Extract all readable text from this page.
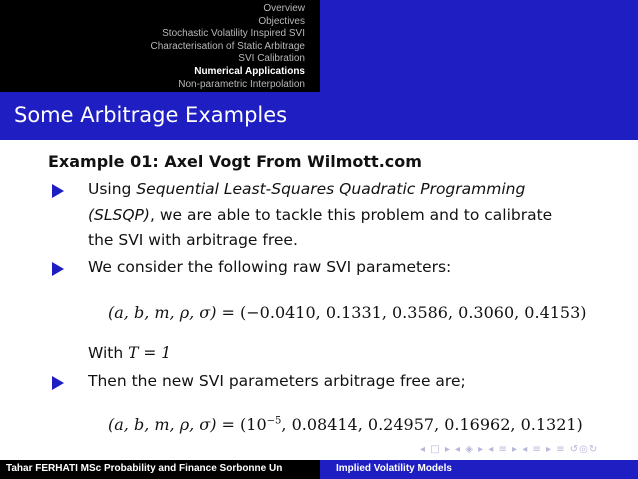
Overview
Objectives
Stochastic Volatility Inspired SVI
Characterisation of Static Arbitrage
SVI Calibration
Numerical Applications
Non-parametric Interpolation
Some Arbitrage Examples
Example 01: Axel Vogt From Wilmott.com
Using Sequential Least-Squares Quadratic Programming
(SLSQP), we are able to tackle this problem and to calibrate
the SVI with arbitrage free.
We consider the following raw SVI parameters:
(a, b, m, ρ, σ) = (−0.0410, 0.1331, 0.3586, 0.3060, 0.4153)
With T = 1
Then the new SVI parameters arbitrage free are;
(a, b, m, ρ, $\sigma) = (10^{-5}$, 0.08414, 0.24957, 0.16962, 0.1321)
◂ □ ▸ ◂ ◈ ▸ ◂ ≡ ▸ ◂ ≡ ▸ ≡ ↺◎↻
Tahar FERHATI MSc Probability and Finance Sorbonne Un	Implied Volatility Models
